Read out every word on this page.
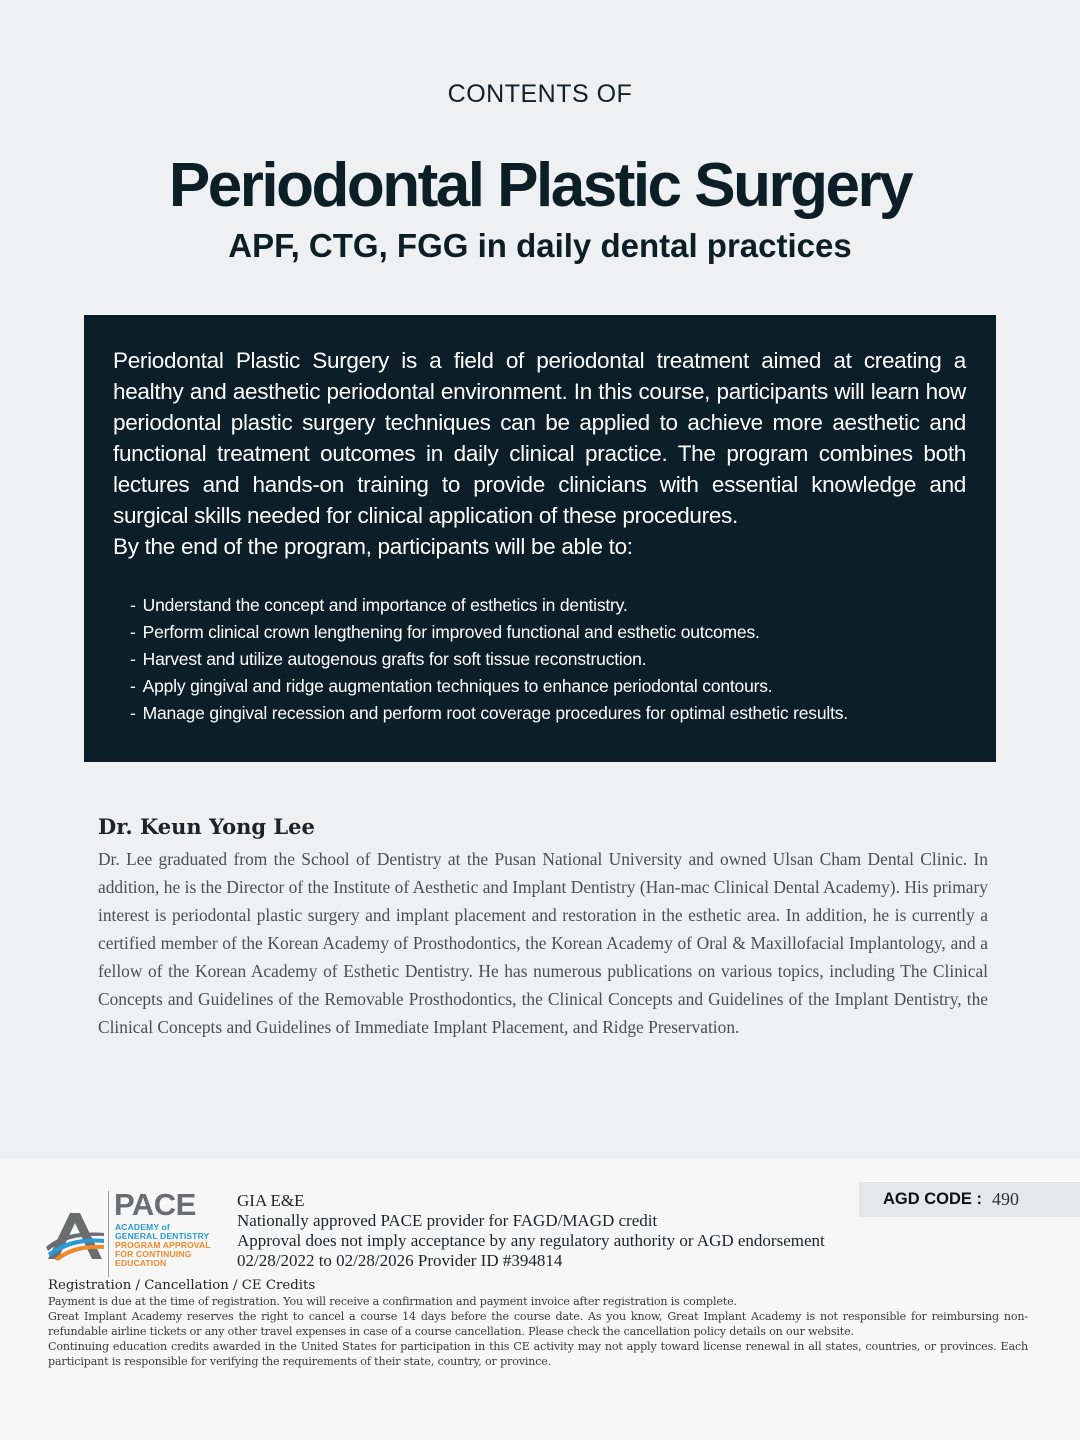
CONTENTS OF
Periodontal Plastic Surgery
APF, CTG, FGG in daily dental practices

Periodontal Plastic Surgery is a field of periodontal treatment aimed at creating a healthy and aesthetic periodontal environment. In this course, participants will learn how periodontal plastic surgery techniques can be applied to achieve more aesthetic and functional treatment outcomes in daily clinical practice. The program combines both lectures and hands-on training to provide clinicians with essential knowledge and surgical skills needed for clinical application of these procedures.
By the end of the program, participants will be able to:

- Understand the concept and importance of esthetics in dentistry.
- Perform clinical crown lengthening for improved functional and esthetic outcomes.
- Harvest and utilize autogenous grafts for soft tissue reconstruction.
- Apply gingival and ridge augmentation techniques to enhance periodontal contours.
- Manage gingival recession and perform root coverage procedures for optimal esthetic results.
Dr. Keun Yong Lee

Dr. Lee graduated from the School of Dentistry at the Pusan National University and owned Ulsan Cham Dental Clinic. In addition, he is the Director of the Institute of Aesthetic and Implant Dentistry (Han-mac Clinical Dental Academy). His primary interest is periodontal plastic surgery and implant placement and restoration in the esthetic area. In addition, he is currently a certified member of the Korean Academy of Prosthodontics, the Korean Academy of Oral & Maxillofacial Implantology, and a fellow of the Korean Academy of Esthetic Dentistry. He has numerous publications on various topics, including The Clinical Concepts and Guidelines of the Removable Prosthodontics, the Clinical Concepts and Guidelines of the Implant Dentistry, the Clinical Concepts and Guidelines of Immediate Implant Placement, and Ridge Preservation.

PACE
ACADEMY of
GENERAL DENTISTRY
PROGRAM APPROVAL
FOR CONTINUING
EDUCATION
GIA E&E
Nationally approved PACE provider for FAGD/MAGD credit
Approval does not imply acceptance by any regulatory authority or AGD endorsement
02/28/2022 to 02/28/2026 Provider ID #394814
AGD CODE : 490
Registration / Cancellation / CE Credits

Payment is due at the time of registration. You will receive a confirmation and payment invoice after registration is complete.

Great Implant Academy reserves the right to cancel a course 14 days before the course date. As you know, Great Implant Academy is not responsible for reimbursing non-refundable airline tickets or any other travel expenses in case of a course cancellation. Please check the cancellation policy details on our website.

Continuing education credits awarded in the United States for participation in this CE activity may not apply toward license renewal in all states, countries, or provinces. Each participant is responsible for verifying the requirements of their state, country, or province.
